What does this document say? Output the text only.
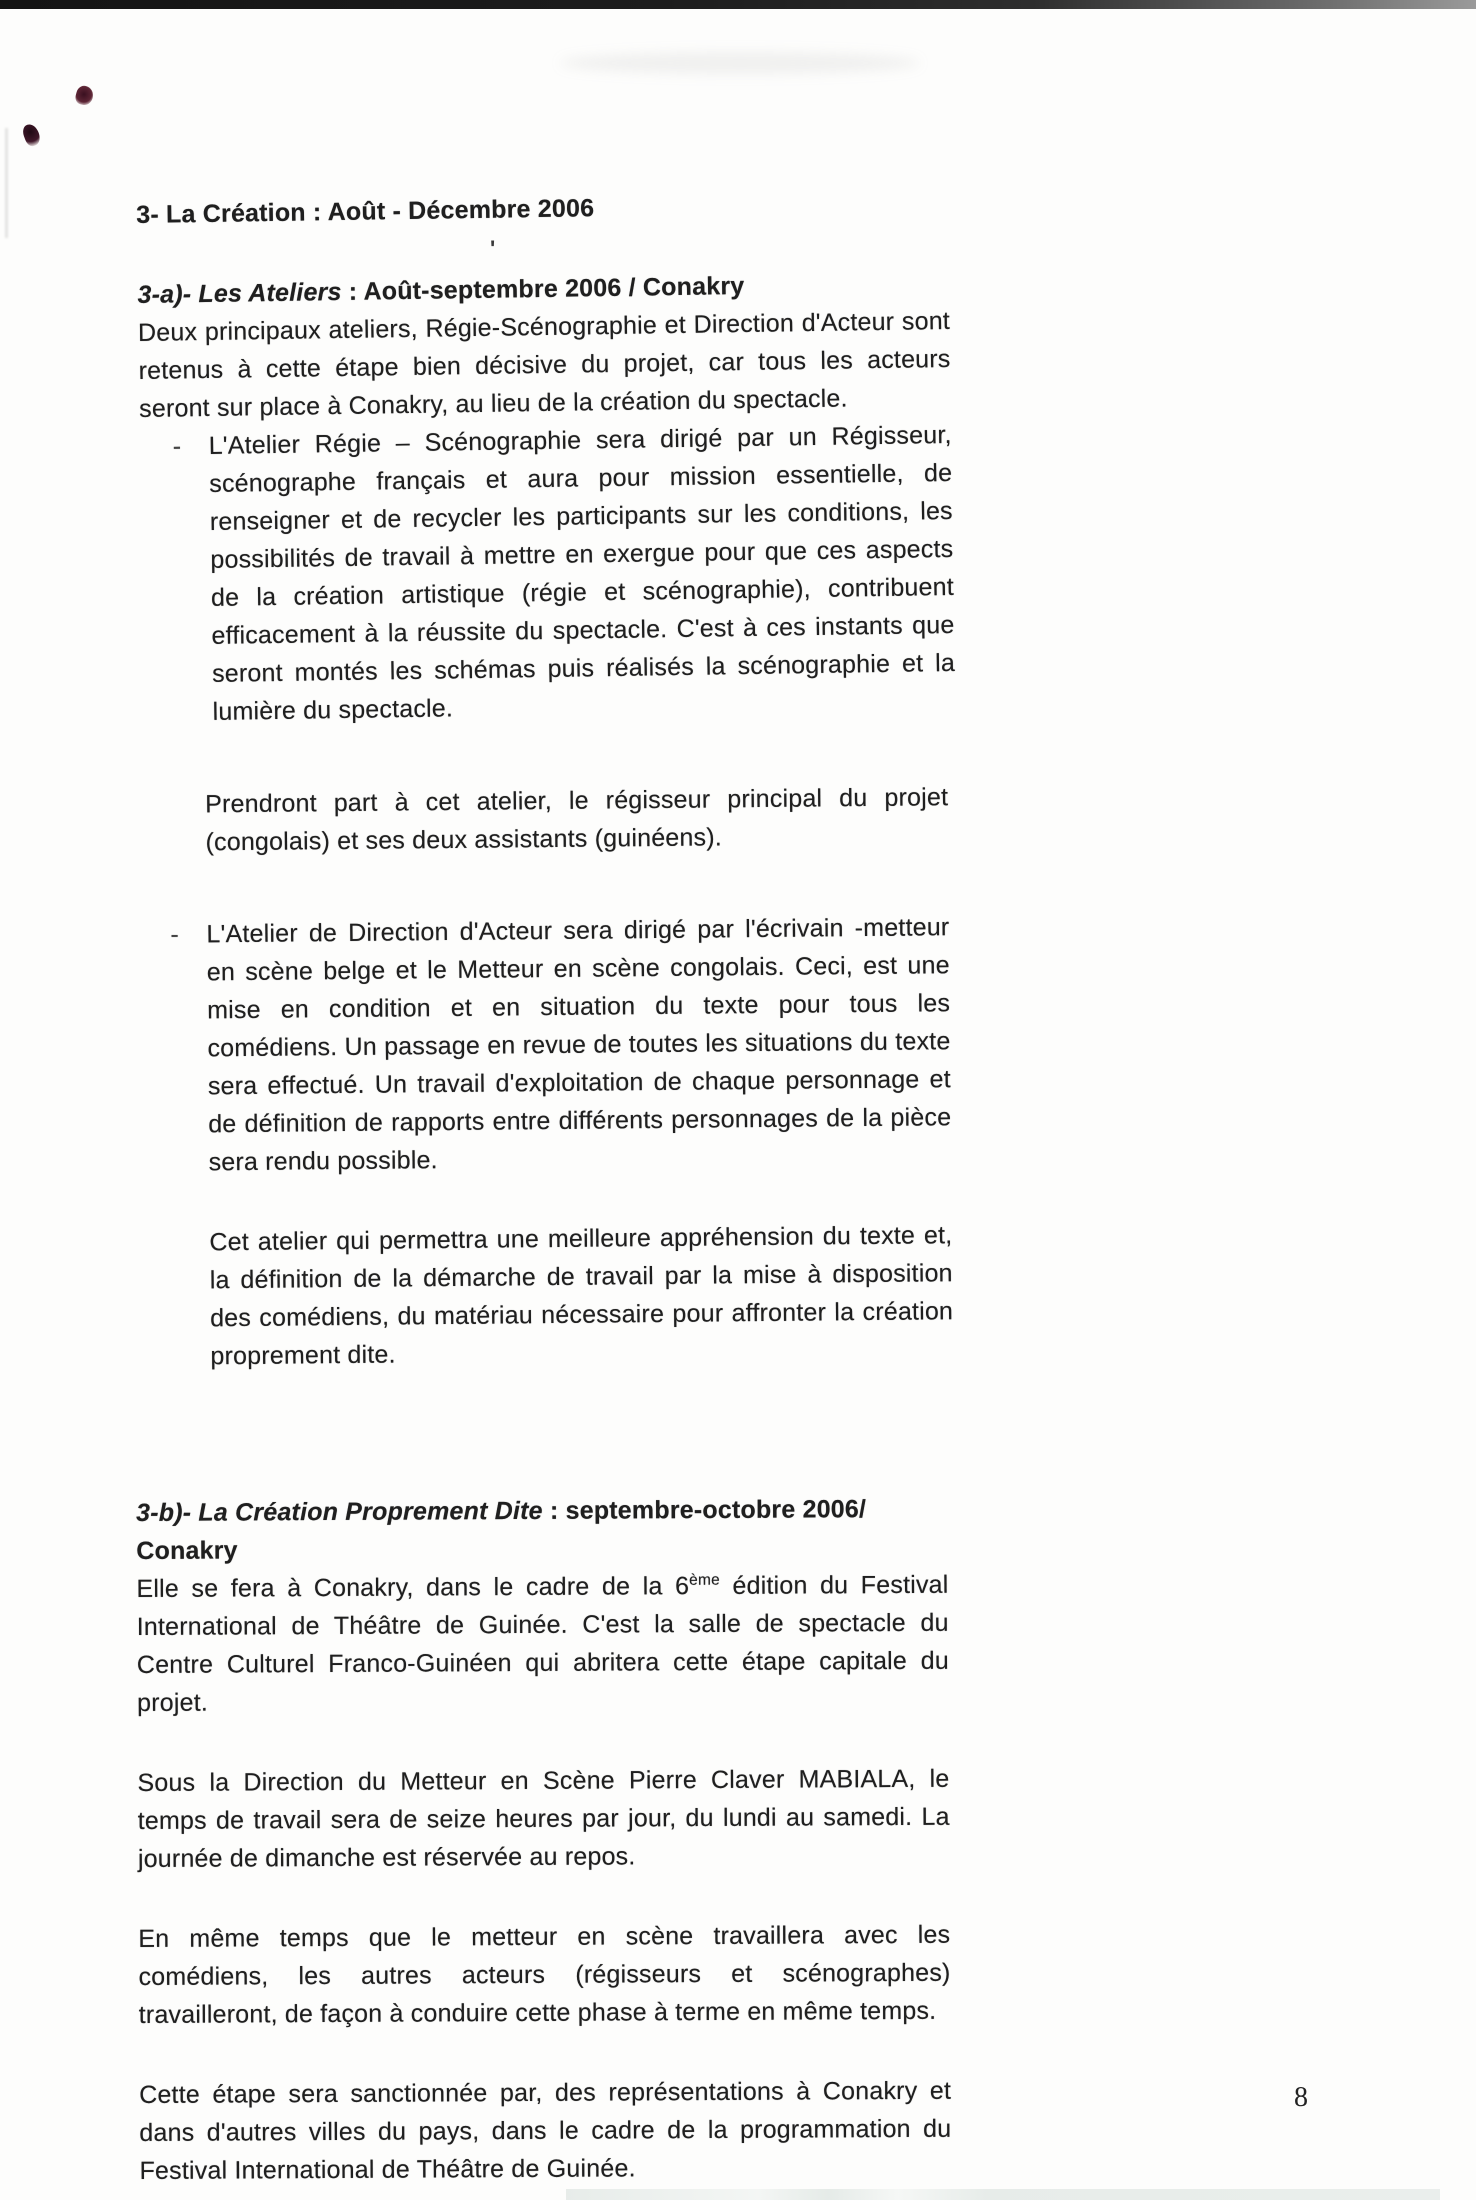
'
3- La Création : Août - Décembre 2006
3-a)- Les Ateliers : Août-septembre 2006 / Conakry

Deux principaux ateliers, Régie-Scénographie et Direction d'Acteur sont retenus à cette étape bien décisive du projet, car tous les acteurs seront sur place à Conakry, au lieu de la création du spectacle.

-	L'Atelier Régie – Scénographie sera dirigé par un Régisseur, scénographe français et aura pour mission essentielle, de renseigner et de recycler les participants sur les conditions, les possibilités de travail à mettre en exergue pour que ces aspects de la création artistique (régie et scénographie), contribuent efficacement à la réussite du spectacle. C'est à ces instants que seront montés les schémas puis réalisés la scénographie et la lumière du spectacle.

Prendront part à cet atelier, le régisseur principal du projet (congolais) et ses deux assistants (guinéens).

-	L'Atelier de Direction d'Acteur sera dirigé par l'écrivain -metteur en scène belge et le Metteur en scène congolais. Ceci, est une mise en condition et en situation du texte pour tous les comédiens. Un passage en revue de toutes les situations du texte sera effectué. Un travail d'exploitation de chaque personnage et de définition de rapports entre différents personnages de la pièce sera rendu possible.

Cet atelier qui permettra une meilleure appréhension du texte et, la définition de la démarche de travail par la mise à disposition des comédiens, du matériau nécessaire pour affronter la création proprement dite.

3-b)- La Création Proprement Dite : septembre-octobre 2006/ Conakry

Elle se fera à Conakry, dans le cadre de la 6ème édition du Festival International de Théâtre de Guinée. C'est la salle de spectacle du Centre Culturel Franco-Guinéen qui abritera cette étape capitale du projet.

Sous la Direction du Metteur en Scène Pierre Claver MABIALA, le temps de travail sera de seize heures par jour, du lundi au samedi. La journée de dimanche est réservée au repos.

En même temps que le metteur en scène travaillera avec les comédiens, les autres acteurs (régisseurs et scénographes) travailleront, de façon à conduire cette phase à terme en même temps.

Cette étape sera sanctionnée par, des représentations à Conakry et dans d'autres villes du pays, dans le cadre de la programmation du Festival International de Théâtre de Guinée.

8
